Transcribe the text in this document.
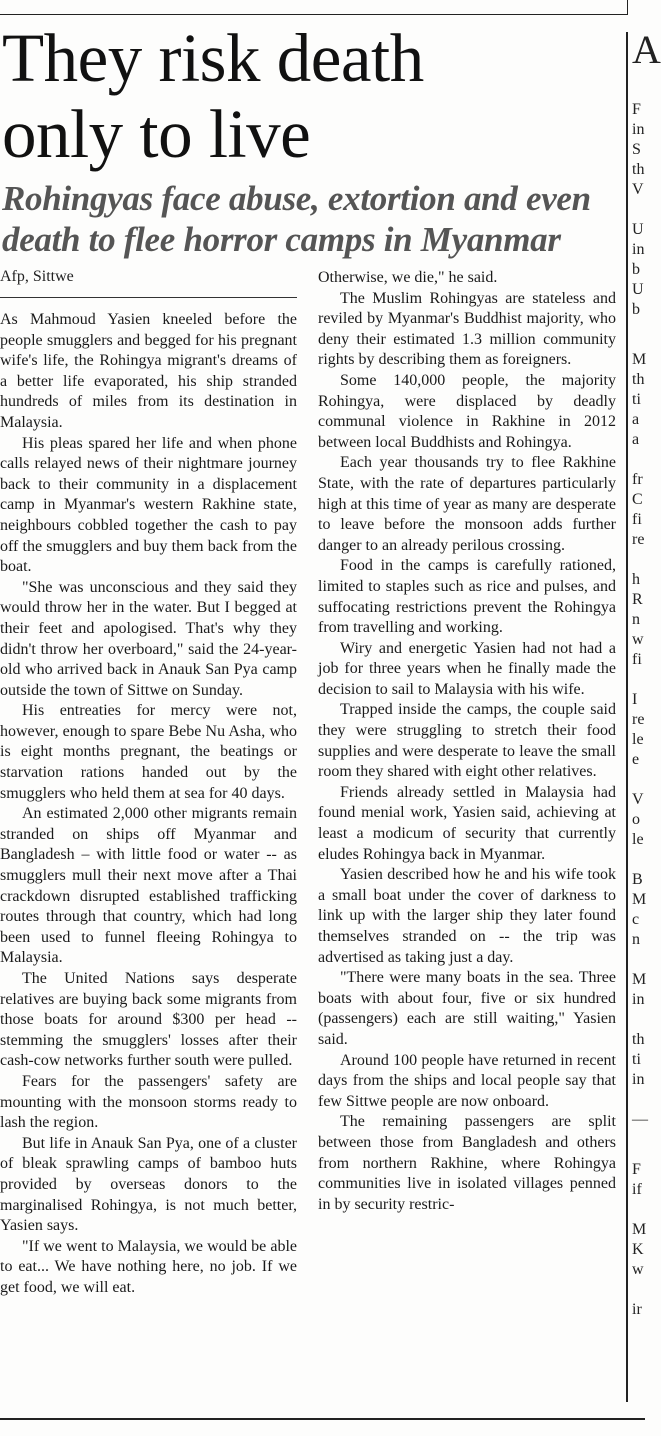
They risk death
only to live
Rohingyas face abuse, extortion and even
death to flee horror camps in Myanmar
Afp, Sittwe

As Mahmoud Yasien kneeled before the people smugglers and begged for his pregnant wife's life, the Rohingya migrant's dreams of a better life evaporated, his ship stranded hundreds of miles from its destination in Malaysia.

His pleas spared her life and when phone calls relayed news of their nightmare journey back to their community in a displacement camp in Myanmar's western Rakhine state, neighbours cobbled together the cash to pay off the smugglers and buy them back from the boat.

"She was unconscious and they said they would throw her in the water. But I begged at their feet and apologised. That's why they didn't throw her overboard," said the 24-year-old who arrived back in Anauk San Pya camp outside the town of Sittwe on Sunday.

His entreaties for mercy were not, however, enough to spare Bebe Nu Asha, who is eight months pregnant, the beatings or starvation rations handed out by the smugglers who held them at sea for 40 days.

An estimated 2,000 other migrants remain stranded on ships off Myanmar and Bangladesh – with little food or water -- as smugglers mull their next move after a Thai crackdown disrupted established trafficking routes through that country, which had long been used to funnel fleeing Rohingya to Malaysia.

The United Nations says desperate relatives are buying back some migrants from those boats for around $300 per head -- stemming the smugglers' losses after their cash-cow networks further south were pulled.

Fears for the passengers' safety are mounting with the monsoon storms ready to lash the region.

But life in Anauk San Pya, one of a cluster of bleak sprawling camps of bamboo huts provided by overseas donors to the marginalised Rohingya, is not much better, Yasien says.

"If we went to Malaysia, we would be able to eat... We have nothing here, no job. If we get food, we will eat.

Otherwise, we die," he said.

The Muslim Rohingyas are stateless and reviled by Myanmar's Buddhist majority, who deny their estimated 1.3 million community rights by describing them as foreigners.

Some 140,000 people, the majority Rohingya, were displaced by deadly communal violence in Rakhine in 2012 between local Buddhists and Rohingya.

Each year thousands try to flee Rakhine State, with the rate of departures particularly high at this time of year as many are desperate to leave before the monsoon adds further danger to an already perilous crossing.

Food in the camps is carefully rationed, limited to staples such as rice and pulses, and suffocating restrictions prevent the Rohingya from travelling and working.

Wiry and energetic Yasien had not had a job for three years when he finally made the decision to sail to Malaysia with his wife.

Trapped inside the camps, the couple said they were struggling to stretch their food supplies and were desperate to leave the small room they shared with eight other relatives.

Friends already settled in Malaysia had found menial work, Yasien said, achieving at least a modicum of security that currently eludes Rohingya back in Myanmar.

Yasien described how he and his wife took a small boat under the cover of darkness to link up with the larger ship they later found themselves stranded on -- the trip was advertised as taking just a day.

"There were many boats in the sea. Three boats with about four, five or six hundred (passengers) each are still waiting," Yasien said.

Around 100 people have returned in recent days from the ships and local people say that few Sittwe people are now onboard.

The remaining passengers are split between those from Bangladesh and others from northern Rakhine, where Rohingya communities live in isolated villages penned in by security restric-

A
F
in
S
th
V
U
in
b
U
b
M
th
ti
a
a
fr
C
fi
re
h
R
n
w
fi
I
re
le
e
V
o
le
B
M
c
n
M
in
th
ti
in
—
F
if
M
K
w
ir
